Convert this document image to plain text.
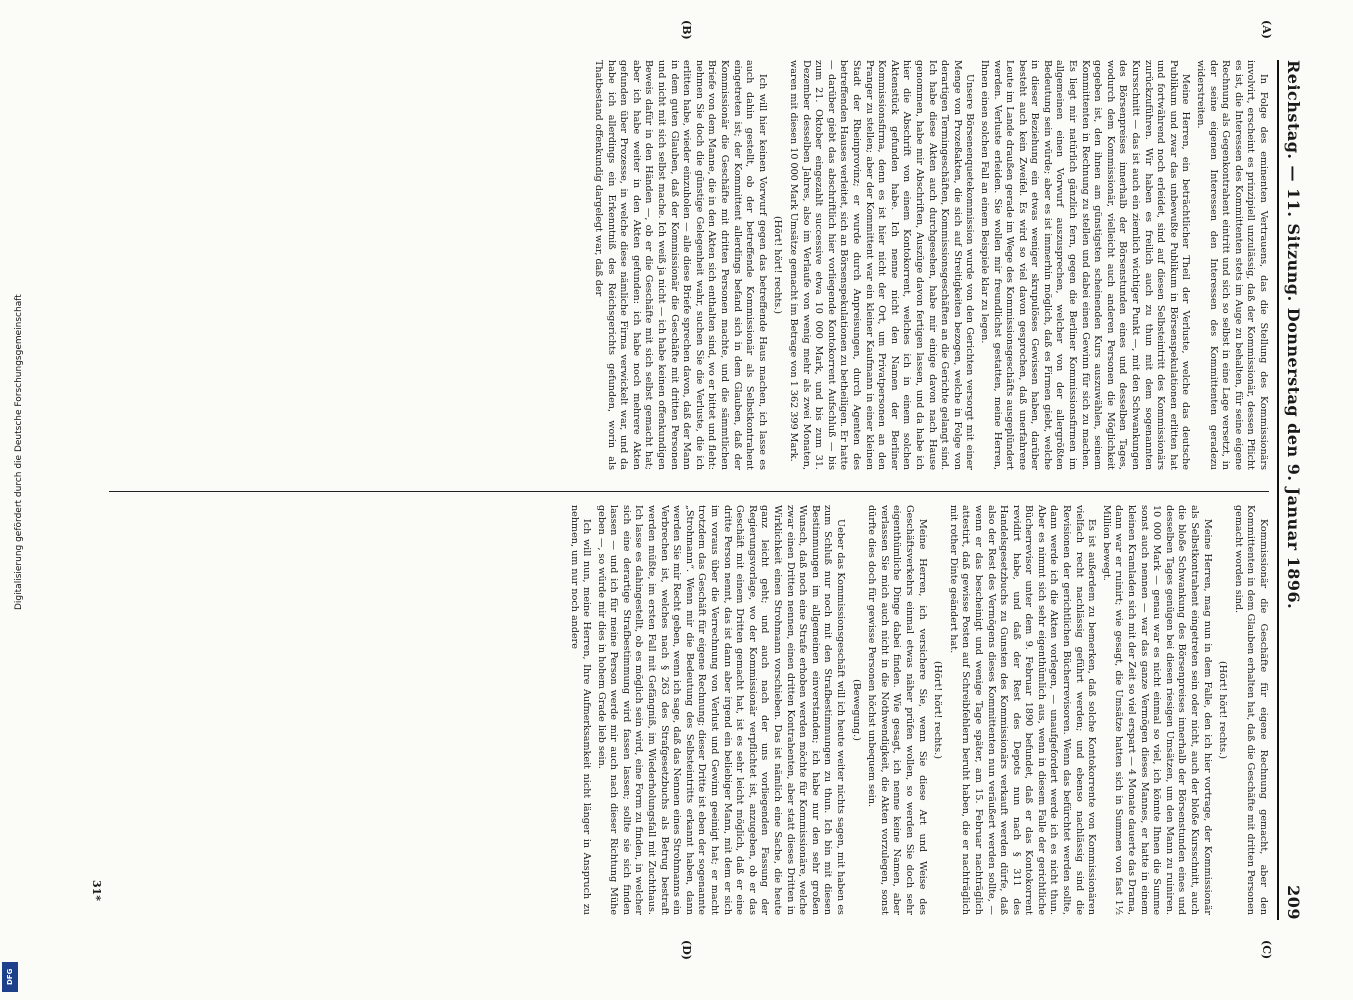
Reichstag. — 11. Sitzung. Donnerstag den 9. Januar 1896.
209
(A)
(B)
(C)
(D)

In Folge des eminenten Vertrauens, das die Stellung des Kommissionärs involvirt, erscheint es prinzipiell unzulässig, daß der Kommissionär, dessen Pflicht es ist, die Interessen des Kommittenten stets im Auge zu behalten, für seine eigene Rechnung als Gegenkontrahent eintritt und sich so selbst in eine Lage versetzt, in der seine eigenen Interessen den Interessen des Kommittenten geradezu widerstreiten.

Meine Herren, ein beträchtlicher Theil der Verluste, welche das deutsche Publikum und zwar das unbewußte Publikum in Börsenspekulationen erlitten hat und fortwährend noch erleidet, sind auf diesen Selbsteintritt des Kommissionärs zurückzuführen. Wir haben es freilich auch zu thun mit dem sogenannten Kursschnitt — das ist auch ein ziemlich wichtiger Punkt —, mit den Schwankungen des Börsenpreises innerhalb der Börsenstunden eines und desselben Tages, wodurch dem Kommissionär, vielleicht auch anderen Personen die Möglichkeit gegeben ist, den ihnen am günstigsten scheinenden Kurs auszuwählen, seinem Kommittenten in Rechnung zu stellen und dabei einen Gewinn für sich zu machen. Es liegt mir natürlich gänzlich fern, gegen die Berliner Kommissionsfirmen im allgemeinen einen Vorwurf auszusprechen, welcher von der allergrößten Bedeutung sein würde; aber es ist immerhin möglich, daß es Firmen giebt, welche in dieser Beziehung ein etwas weniger skrupulöses Gewissen haben, darüber besteht auch kein Zweifel. Es wird so viel davon gesprochen, daß unerfahrene Leute im Lande draußen gerade im Wege des Kommissionsgeschäfts ausgeplündert werden. Verluste erleiden. Sie wollen mir freundlichst gestatten, meine Herren, Ihnen einen solchen Fall an einem Beispiele klar zu legen.

Unsere Börsenenquetekommission wurde von den Gerichten versorgt mit einer Menge von Prozeßakten, die sich auf Streitigkeiten bezogen, welche in Folge von derartigen Termingeschäften, Kommissionsgeschäften an die Gerichte gelangt sind. Ich habe diese Akten auch durchgesehen, habe mir einige davon nach Hause genommen, habe mir Abschriften, Auszüge davon fertigen lassen, und da habe ich hier die Abschrift von einem Kontokorrent, welches ich in einem solchen Aktenstück gefunden habe. Ich nenne nicht den Namen der Berliner Kommissionsfirma, denn es ist hier nicht der Ort, um Privatpersonen an den Pranger zu stellen; aber der Kommittent war ein kleiner Kaufmann in einer kleinen Stadt der Rheinprovinz; er wurde durch Anpreisungen, durch Agenten des betreffenden Hauses verleitet, sich an Börsenspekulationen zu betheiligen. Er hatte — darüber giebt das abschriftlich hier vorliegende Kontokorrent Aufschluß — bis zum 21. Oktober eingezahlt successive etwa 10 000 Mark, und bis zum 31. Dezember desselben Jahres, also im Verlaufe von wenig mehr als zwei Monaten, waren mit diesen 10 000 Mark Umsätze gemacht im Betrage von 1 362 399 Mark.

(Hört! hört! rechts.)

Ich will hier keinen Vorwurf gegen das betreffende Haus machen, ich lasse es auch dahin gestellt, ob der betreffende Kommissionär als Selbstkontrahent eingetreten ist; der Kommittent allerdings befand sich in dem Glauben, daß der Kommissionär die Geschäfte mit dritten Personen machte, und die sämmtlichen Briefe von dem Manne, die in den Akten sich enthalten sind, wo er bittet und fleht: nehmen Sie doch die günstige Gelegenheit wahr, suchen Sie die Verluste, die ich erlitten habe, wieder einzuholen — alle diese Briefe sprechen davon, daß der Mann in dem guten Glauben, daß der Kommissionär die Geschäfte mit dritten Personen und nicht mit sich selbst mache. Ich weiß ja nicht — ich habe keinen offenkundigen Beweis dafür in den Händen —, ob er die Geschäfte mit sich selbst gemacht hat; aber ich habe weiter in den Akten gefunden: ich habe noch mehrere Akten gefunden über Prozesse, in welche diese nämliche Firma verwickelt war, und da habe ich allerdings ein Erkenntniß des Reichsgerichts gefunden, worin als Thatbestand offenkundig dargelegt war, daß der

Kommissionär die Geschäfte für eigene Rechnung gemacht, aber den Kommittenten in dem Glauben erhalten hat, daß die Geschäfte mit dritten Personen gemacht worden sind.

(Hört! hört! rechts.)

Meine Herren, mag nun in dem Falle, den ich hier vortrage, der Kommissionär als Selbstkontrahent eingetreten sein oder nicht, auch der bloße Kursschnitt, auch die bloße Schwankung des Börsenpreises innerhalb der Börsenstunden eines und desselben Tages genügen bei diesen riesigen Umsätzen, um den Mann zu ruiniren. 10 000 Mark — genau war es nicht einmal so viel, ich könnte Ihnen die Summe sonst auch nennen — war das ganze Vermögen dieses Mannes, er hatte in einem kleinen Kramladen sich mit der Zeit so viel erspart — 4 Monate dauerte das Drama, dann war er ruinirt; wie gesagt, die Umsätze hatten sich in Summen von fast 1½ Million bewegt.

Es ist außerdem zu bemerken, daß solche Kontokorrente von Kommissionären vielfach recht nachlässig geführt werden; und ebenso nachlässig sind die Revisionen der gerichtlichen Bücherrevisoren. Wenn das befürchtet werden sollte, dann werde ich die Akten vorlegen, — unaufgefordert werde ich es nicht thun. Aber es nimmt sich sehr eigenthümlich aus, wenn in diesem Falle der gerichtliche Bücherrevisor unter dem 9. Februar 1890 befundet, daß er das Kontokorrent revidirt habe, und daß der Rest des Depots nun nach § 311 des Handelsgesetzbuchs zu Gunsten des Kommissionärs verkauft werden dürfe, daß also der Rest des Vermögens dieses Kommittenten nun veräußert werden sollte, — wenn er das bescheinigt und wenige Tage später, am 15. Februar nachträglich attestirt, daß gewisse Posten auf Schreibfehlern beruht haben, die er nachträglich mit rother Dinte geändert hat.

(Hört! hört! rechts.)

Meine Herren, ich versichere Sie, wenn Sie diese Art und Weise des Geschäftsverkehrs einmal etwas näher prüfen wollen, so werden Sie doch sehr eigenthümliche Dinge dabei finden. Wie gesagt, ich nenne keine Namen, aber verlassen Sie mich auch nicht in die Nothwendigkeit, die Akten vorzulegen, sonst dürfte dies doch für gewisse Personen höchst unbequem sein.

(Bewegung.)

Ueber das Kommissionsgeschäft will ich heute weiter nichts sagen, mit haben es zum Schluß nur noch mit den Strafbestimmungen zu thun. Ich bin mit diesen Bestimmungen im allgemeinen einverstanden; ich habe nur den sehr großen Wunsch, daß noch eine Strafe erhoben werden möchte für Kommissionäre, welche zwar einen Dritten nennen, einen dritten Kontrahenten, aber statt dieses Dritten in Wirklichkeit einen Strohmann vorschieben. Das ist nämlich eine Sache, die heute ganz leicht geht; und auch nach der uns vorliegenden Fassung der Regierungsvorlage, wo der Kommissionär verpflichtet ist, anzugeben, ob er das Geschäft mit einem Dritten gemacht hat, ist es sehr leicht möglich, daß er eine dritte Person nennt, das ist dann aber irgend ein beliebiger Mann, mit dem er sich im voraus über die Verrechnung von Verlust und Gewinn geeinigt hat; er macht trotzdem das Geschäft für eigene Rechnung; dieser Dritte ist eben der sogenannte „Strohmann“. Wenn mir die Bedeutung des Selbsteintritts erkannt haben, dann werden Sie mir Recht geben, wenn ich sage, daß das Nennen eines Strohmanns ein Verbrechen ist, welches nach § 263 des Strafgesetzbuchs als Betrug bestraft werden müßte, im ersten Fall mit Gefängniß, im Wiederholungsfall mit Zuchthaus. Ich lasse es dahingestellt, ob es möglich sein wird, eine Form zu finden, in welcher sich eine derartige Strafbestimmung wird fassen lassen; sollte sie sich finden lassen — und ich für meine Person werde mir auch nach dieser Richtung Mühe geben —, so würde mir dies in hohem Grade lieb sein.

Ich will nun, meine Herren, Ihre Aufmerksamkeit nicht länger in Anspruch zu nehmen, um nur noch andere

31*
Digitalisierung gefördert durch die Deutsche Forschungsgemeinschaft
DFG
